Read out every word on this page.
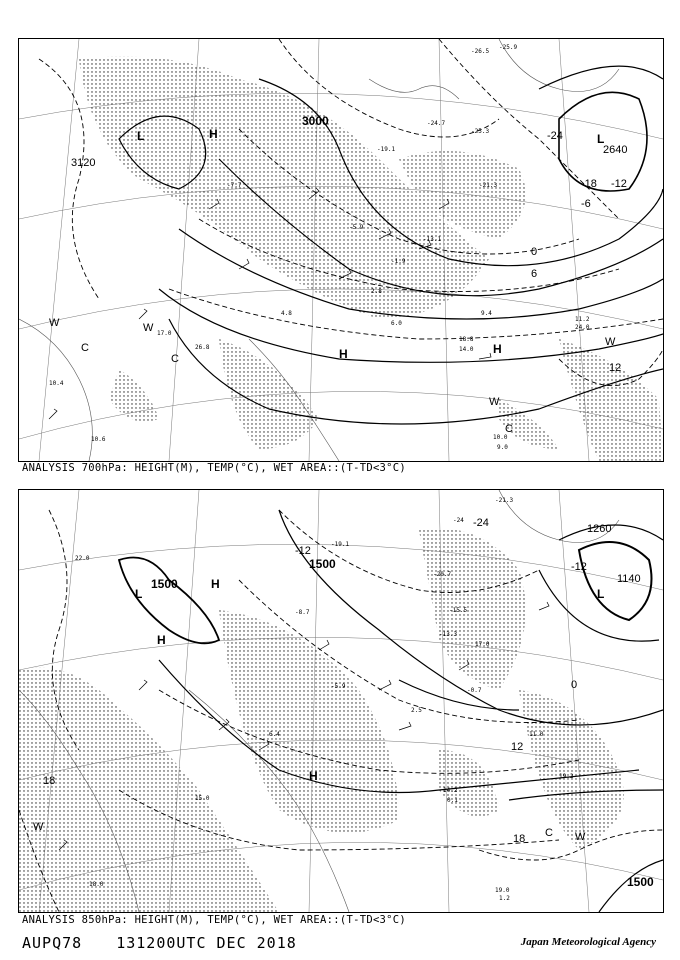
3000
3120
2640
-18 -12
-6
0
6
12
-24
L	H	L
H	H
W	W
C
C
W
W
C
-26.5
-25.9
-24.7
-25.3
-21.3
-19.1
-13.1
-7.7
-5.9
-1.9
2.8
4.8
6.0
9.4
14.0
18.8
11.2
24.0
10.0
9.0
10.4
10.6
17.0
26.8
ANALYSIS 700hPa: HEIGHT(M), TEMP(°C), WET AREA::(T-TD<3°C)
1500
1500
1140
1260
1500
-12
-24
-12
0
12
18
18
L
H
H
L
H
C W
W
-21.3
-24
-19.1
-20.7
-15.5
-13.3
-8.7
-5.9
-0.7
2.5
6.4	11.0
15.0
17.0
19.2
19.0
22.0
14.2
18.0
0.1
1.2
ANALYSIS 850hPa: HEIGHT(M), TEMP(°C), WET AREA::(T-TD<3°C)
AUPQ78 131200UTC DEC 2018	Japan Meteorological Agency
